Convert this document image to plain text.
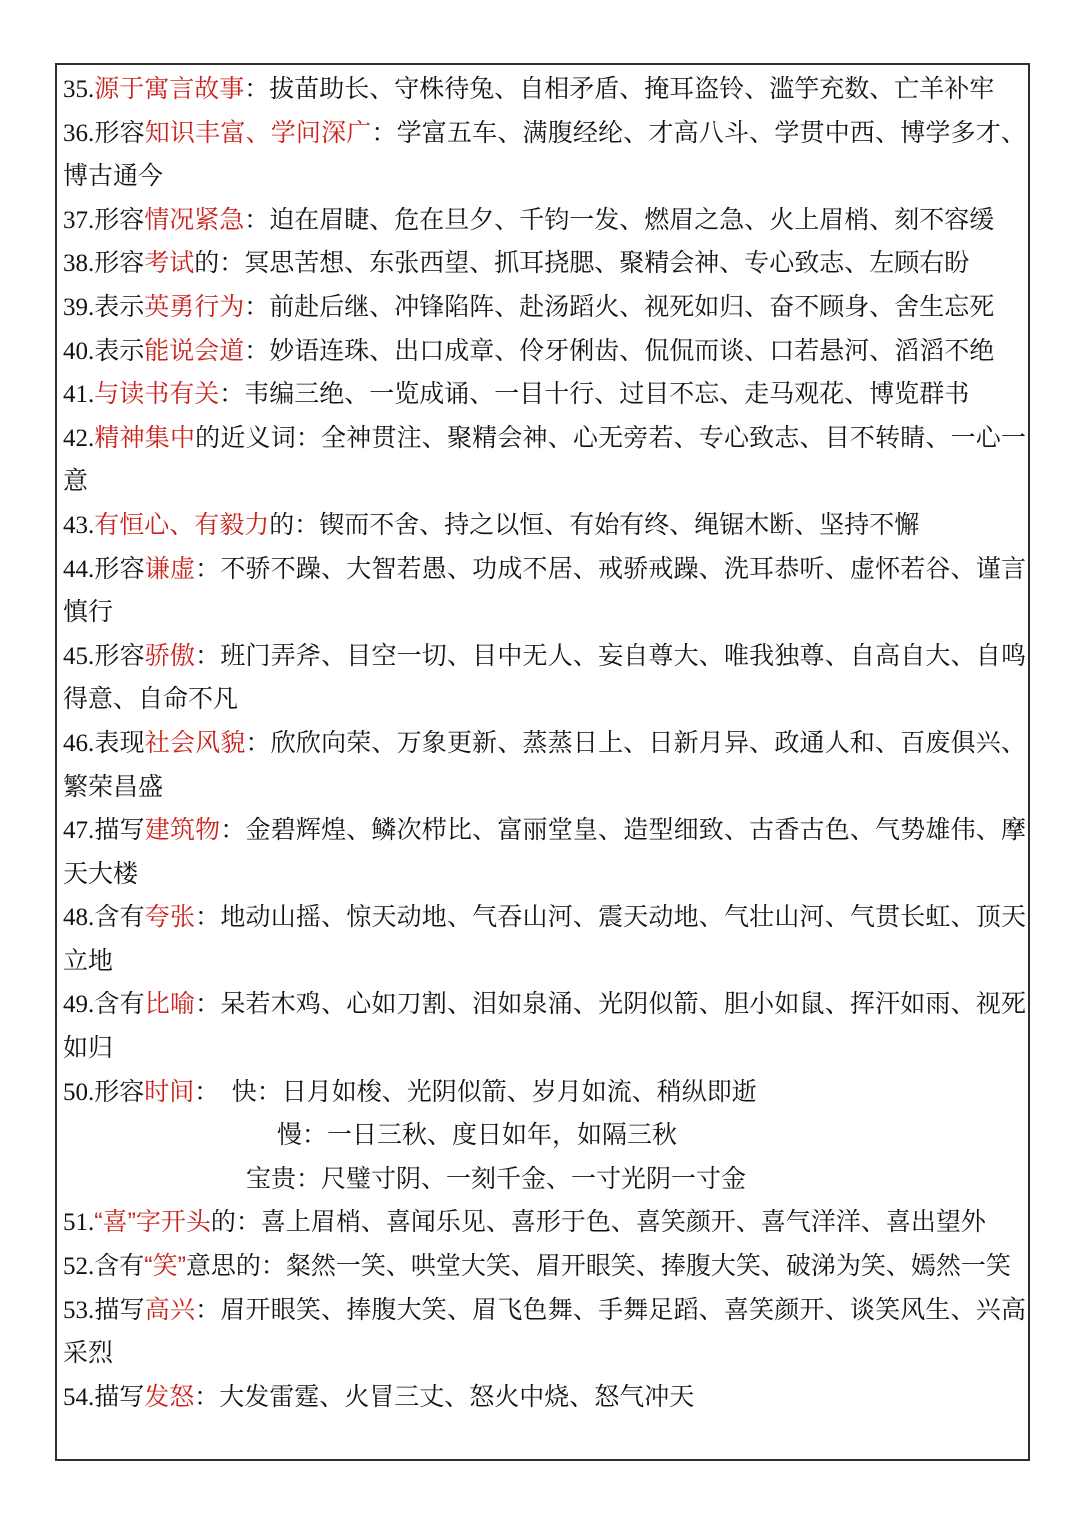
35.源于寓言故事：拔苗助长、守株待兔、自相矛盾、掩耳盗铃、滥竽充数、亡羊补牢
36.形容知识丰富、学问深广：学富五车、满腹经纶、才高八斗、学贯中西、博学多才、博古通今
37.形容情况紧急：迫在眉睫、危在旦夕、千钧一发、燃眉之急、火上眉梢、刻不容缓
38.形容考试的：冥思苦想、东张西望、抓耳挠腮、聚精会神、专心致志、左顾右盼
39.表示英勇行为：前赴后继、冲锋陷阵、赴汤蹈火、视死如归、奋不顾身、舍生忘死
40.表示能说会道：妙语连珠、出口成章、伶牙俐齿、侃侃而谈、口若悬河、滔滔不绝
41.与读书有关：韦编三绝、一览成诵、一目十行、过目不忘、走马观花、博览群书
42.精神集中的近义词：全神贯注、聚精会神、心无旁若、专心致志、目不转睛、一心一意
43.有恒心、有毅力的：锲而不舍、持之以恒、有始有终、绳锯木断、坚持不懈
44.形容谦虚：不骄不躁、大智若愚、功成不居、戒骄戒躁、洗耳恭听、虚怀若谷、谨言慎行
45.形容骄傲：班门弄斧、目空一切、目中无人、妄自尊大、唯我独尊、自高自大、自鸣得意、自命不凡
46.表现社会风貌：欣欣向荣、万象更新、蒸蒸日上、日新月异、政通人和、百废俱兴、繁荣昌盛
47.描写建筑物：金碧辉煌、鳞次栉比、富丽堂皇、造型细致、古香古色、气势雄伟、摩天大楼
48.含有夸张：地动山摇、惊天动地、气吞山河、震天动地、气壮山河、气贯长虹、顶天立地
49.含有比喻：呆若木鸡、心如刀割、泪如泉涌、光阴似箭、胆小如鼠、挥汗如雨、视死如归
50.形容时间：　快：日月如梭、光阴似箭、岁月如流、稍纵即逝
慢：一日三秋、度日如年，如隔三秋
宝贵：尺璧寸阴、一刻千金、一寸光阴一寸金
51.“喜”字开头的：喜上眉梢、喜闻乐见、喜形于色、喜笑颜开、喜气洋洋、喜出望外
52.含有“笑”意思的：粲然一笑、哄堂大笑、眉开眼笑、捧腹大笑、破涕为笑、嫣然一笑
53.描写高兴：眉开眼笑、捧腹大笑、眉飞色舞、手舞足蹈、喜笑颜开、谈笑风生、兴高采烈
54.描写发怒：大发雷霆、火冒三丈、怒火中烧、怒气冲天
